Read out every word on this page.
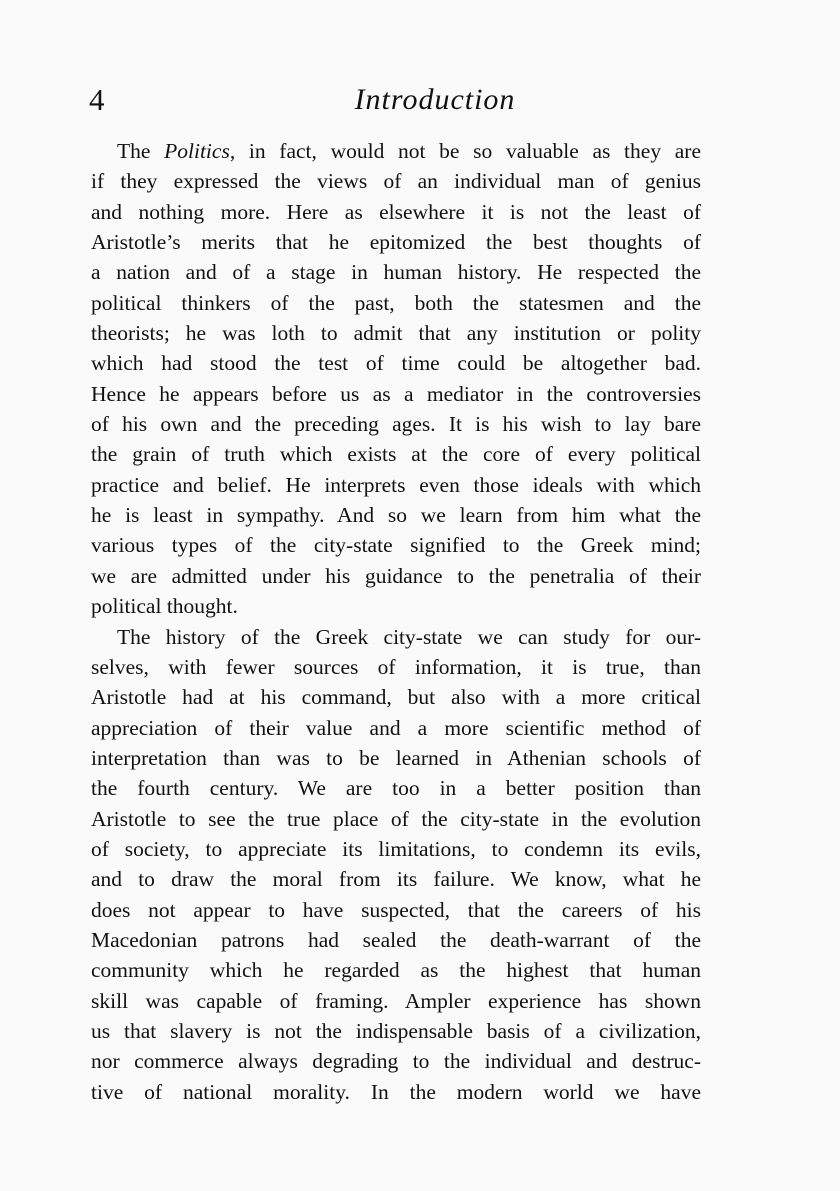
4	Introduction
The Politics, in fact, would not be so valuable as they are
if they expressed the views of an individual man of genius
and nothing more. Here as elsewhere it is not the least of
Aristotle’s merits that he epitomized the best thoughts of
a nation and of a stage in human history. He respected the
political thinkers of the past, both the statesmen and the
theorists; he was loth to admit that any institution or polity
which had stood the test of time could be altogether bad.
Hence he appears before us as a mediator in the controversies
of his own and the preceding ages. It is his wish to lay bare
the grain of truth which exists at the core of every political
practice and belief. He interprets even those ideals with which
he is least in sympathy. And so we learn from him what the
various types of the city-state signified to the Greek mind;
we are admitted under his guidance to the penetralia of their
political thought.
The history of the Greek city-state we can study for our-
selves, with fewer sources of information, it is true, than
Aristotle had at his command, but also with a more critical
appreciation of their value and a more scientific method of
interpretation than was to be learned in Athenian schools of
the fourth century. We are too in a better position than
Aristotle to see the true place of the city-state in the evolution
of society, to appreciate its limitations, to condemn its evils,
and to draw the moral from its failure. We know, what he
does not appear to have suspected, that the careers of his
Macedonian patrons had sealed the death-warrant of the
community which he regarded as the highest that human
skill was capable of framing. Ampler experience has shown
us that slavery is not the indispensable basis of a civilization,
nor commerce always degrading to the individual and destruc-
tive of national morality. In the modern world we have
